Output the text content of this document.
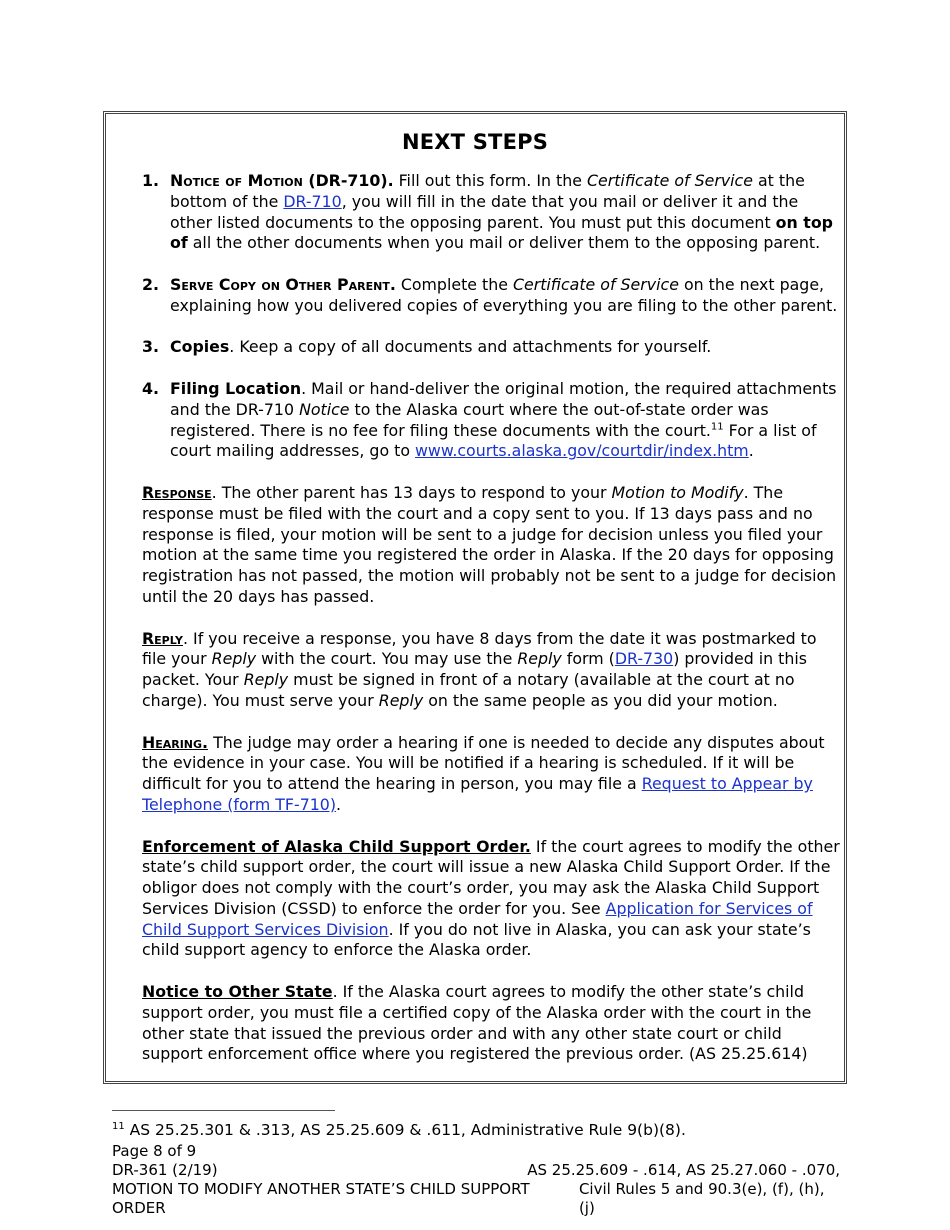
NEXT STEPS
1. Notice of Motion (DR-710). Fill out this form. In the Certificate of Service at the bottom of the DR-710, you will fill in the date that you mail or deliver it and the other listed documents to the opposing parent. You must put this document on top of all the other documents when you mail or deliver them to the opposing parent.
2. Serve Copy on Other Parent. Complete the Certificate of Service on the next page, explaining how you delivered copies of everything you are filing to the other parent.
3. Copies. Keep a copy of all documents and attachments for yourself.
4. Filing Location. Mail or hand-deliver the original motion, the required attachments and the DR-710 Notice to the Alaska court where the out-of-state order was registered. There is no fee for filing these documents with the court.$^{11}$ For a list of court mailing addresses, go to www.courts.alaska.gov/courtdir/index.htm.
Response. The other parent has 13 days to respond to your Motion to Modify. The response must be filed with the court and a copy sent to you. If 13 days pass and no response is filed, your motion will be sent to a judge for decision unless you filed your motion at the same time you registered the order in Alaska. If the 20 days for opposing registration has not passed, the motion will probably not be sent to a judge for decision until the 20 days has passed.
Reply. If you receive a response, you have 8 days from the date it was postmarked to file your Reply with the court. You may use the Reply form (DR-730) provided in this packet. Your Reply must be signed in front of a notary (available at the court at no charge). You must serve your Reply on the same people as you did your motion.
Hearing. The judge may order a hearing if one is needed to decide any disputes about the evidence in your case. You will be notified if a hearing is scheduled. If it will be difficult for you to attend the hearing in person, you may file a Request to Appear by Telephone (form TF-710).
Enforcement of Alaska Child Support Order. If the court agrees to modify the other state’s child support order, the court will issue a new Alaska Child Support Order. If the obligor does not comply with the court’s order, you may ask the Alaska Child Support Services Division (CSSD) to enforce the order for you. See Application for Services of Child Support Services Division. If you do not live in Alaska, you can ask your state’s child support agency to enforce the Alaska order.
Notice to Other State. If the Alaska court agrees to modify the other state’s child support order, you must file a certified copy of the Alaska order with the court in the other state that issued the previous order and with any other state court or child support enforcement office where you registered the previous order. (AS 25.25.614)
$^{11}$ AS 25.25.301 & .313, AS 25.25.609 & .611, Administrative Rule 9(b)(8).
Page 8 of 9
DR-361 (2/19)	AS 25.25.609 - .614, AS 25.27.060 - .070,
MOTION TO MODIFY ANOTHER STATE’S CHILD SUPPORT ORDER
Civil Rules 5 and 90.3(e), (f), (h), (j)
